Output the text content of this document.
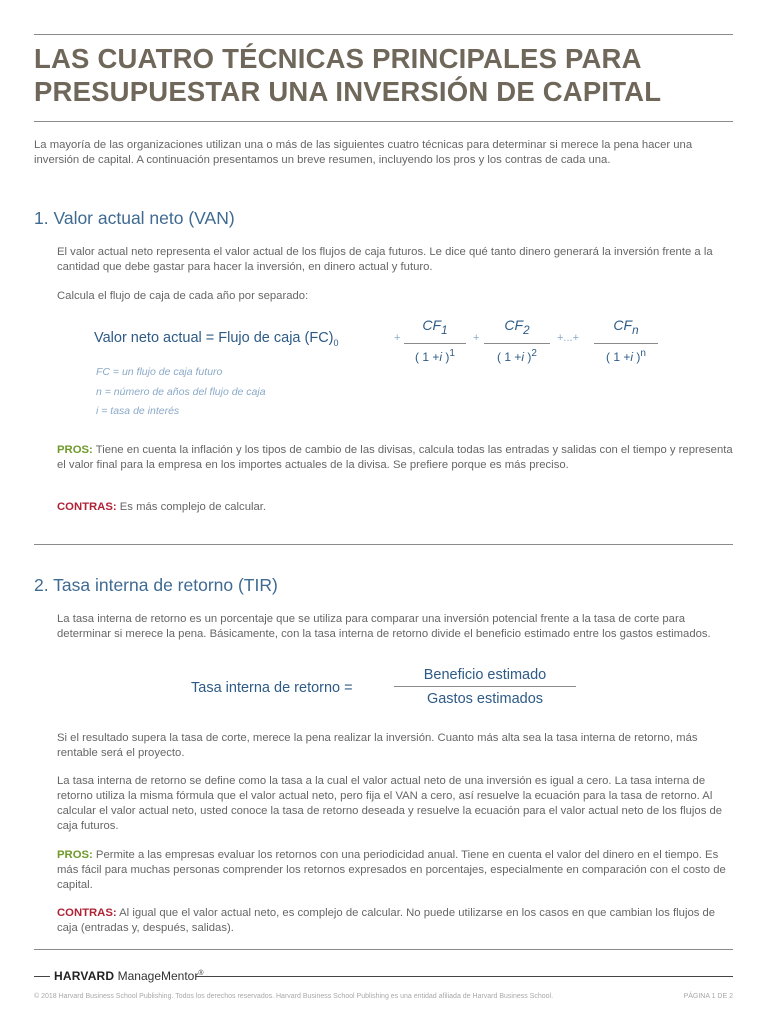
LAS CUATRO TÉCNICAS PRINCIPALES PARA
PRESUPUESTAR UNA INVERSIÓN DE CAPITAL

La mayoría de las organizaciones utilizan una o más de las siguientes cuatro técnicas para determinar si merece la pena hacer una inversión de capital. A continuación presentamos un breve resumen, incluyendo los pros y los contras de cada una.

1. Valor actual neto (VAN)

El valor actual neto representa el valor actual de los flujos de caja futuros. Le dice qué tanto dinero generará la inversión frente a la cantidad que debe gastar para hacer la inversión, en dinero actual y futuro.

Calcula el flujo de caja de cada año por separado:

Valor neto actual = Flujo de caja $(FC)_0$	+
$CF_1$
( 1 +i )$^1$
+
$CF_2$
( 1 +i )$^2$
+...+
$CF_n$
( 1 +i )$^n$
FC = un flujo de caja futuro
n = número de años del flujo de caja
i = tasa de interés

PROS: Tiene en cuenta la inflación y los tipos de cambio de las divisas, calcula todas las entradas y salidas con el tiempo y representa el valor final para la empresa en los importes actuales de la divisa. Se prefiere porque es más preciso.

CONTRAS: Es más complejo de calcular.

2. Tasa interna de retorno (TIR)

La tasa interna de retorno es un porcentaje que se utiliza para comparar una inversión potencial frente a la tasa de corte para determinar si merece la pena. Básicamente, con la tasa interna de retorno divide el beneficio estimado entre los gastos estimados.

Tasa interna de retorno =
Beneficio estimado
Gastos estimados

Si el resultado supera la tasa de corte, merece la pena realizar la inversión. Cuanto más alta sea la tasa interna de retorno, más rentable será el proyecto.

La tasa interna de retorno se define como la tasa a la cual el valor actual neto de una inversión es igual a cero. La tasa interna de retorno utiliza la misma fórmula que el valor actual neto, pero fija el VAN a cero, así resuelve la ecuación para la tasa de retorno. Al calcular el valor actual neto, usted conoce la tasa de retorno deseada y resuelve la ecuación para el valor actual neto de los flujos de caja futuros.

PROS: Permite a las empresas evaluar los retornos con una periodicidad anual. Tiene en cuenta el valor del dinero en el tiempo. Es más fácil para muchas personas comprender los retornos expresados en porcentajes, especialmente en comparación con el costo de capital.

CONTRAS: Al igual que el valor actual neto, es complejo de calcular. No puede utilizarse en los casos en que cambian los flujos de caja (entradas y, después, salidas).

HARVARD ManageMentor®
© 2018 Harvard Business School Publishing. Todos los derechos reservados. Harvard Business School Publishing es una entidad afiliada de Harvard Business School.	PÁGINA 1 DE 2
